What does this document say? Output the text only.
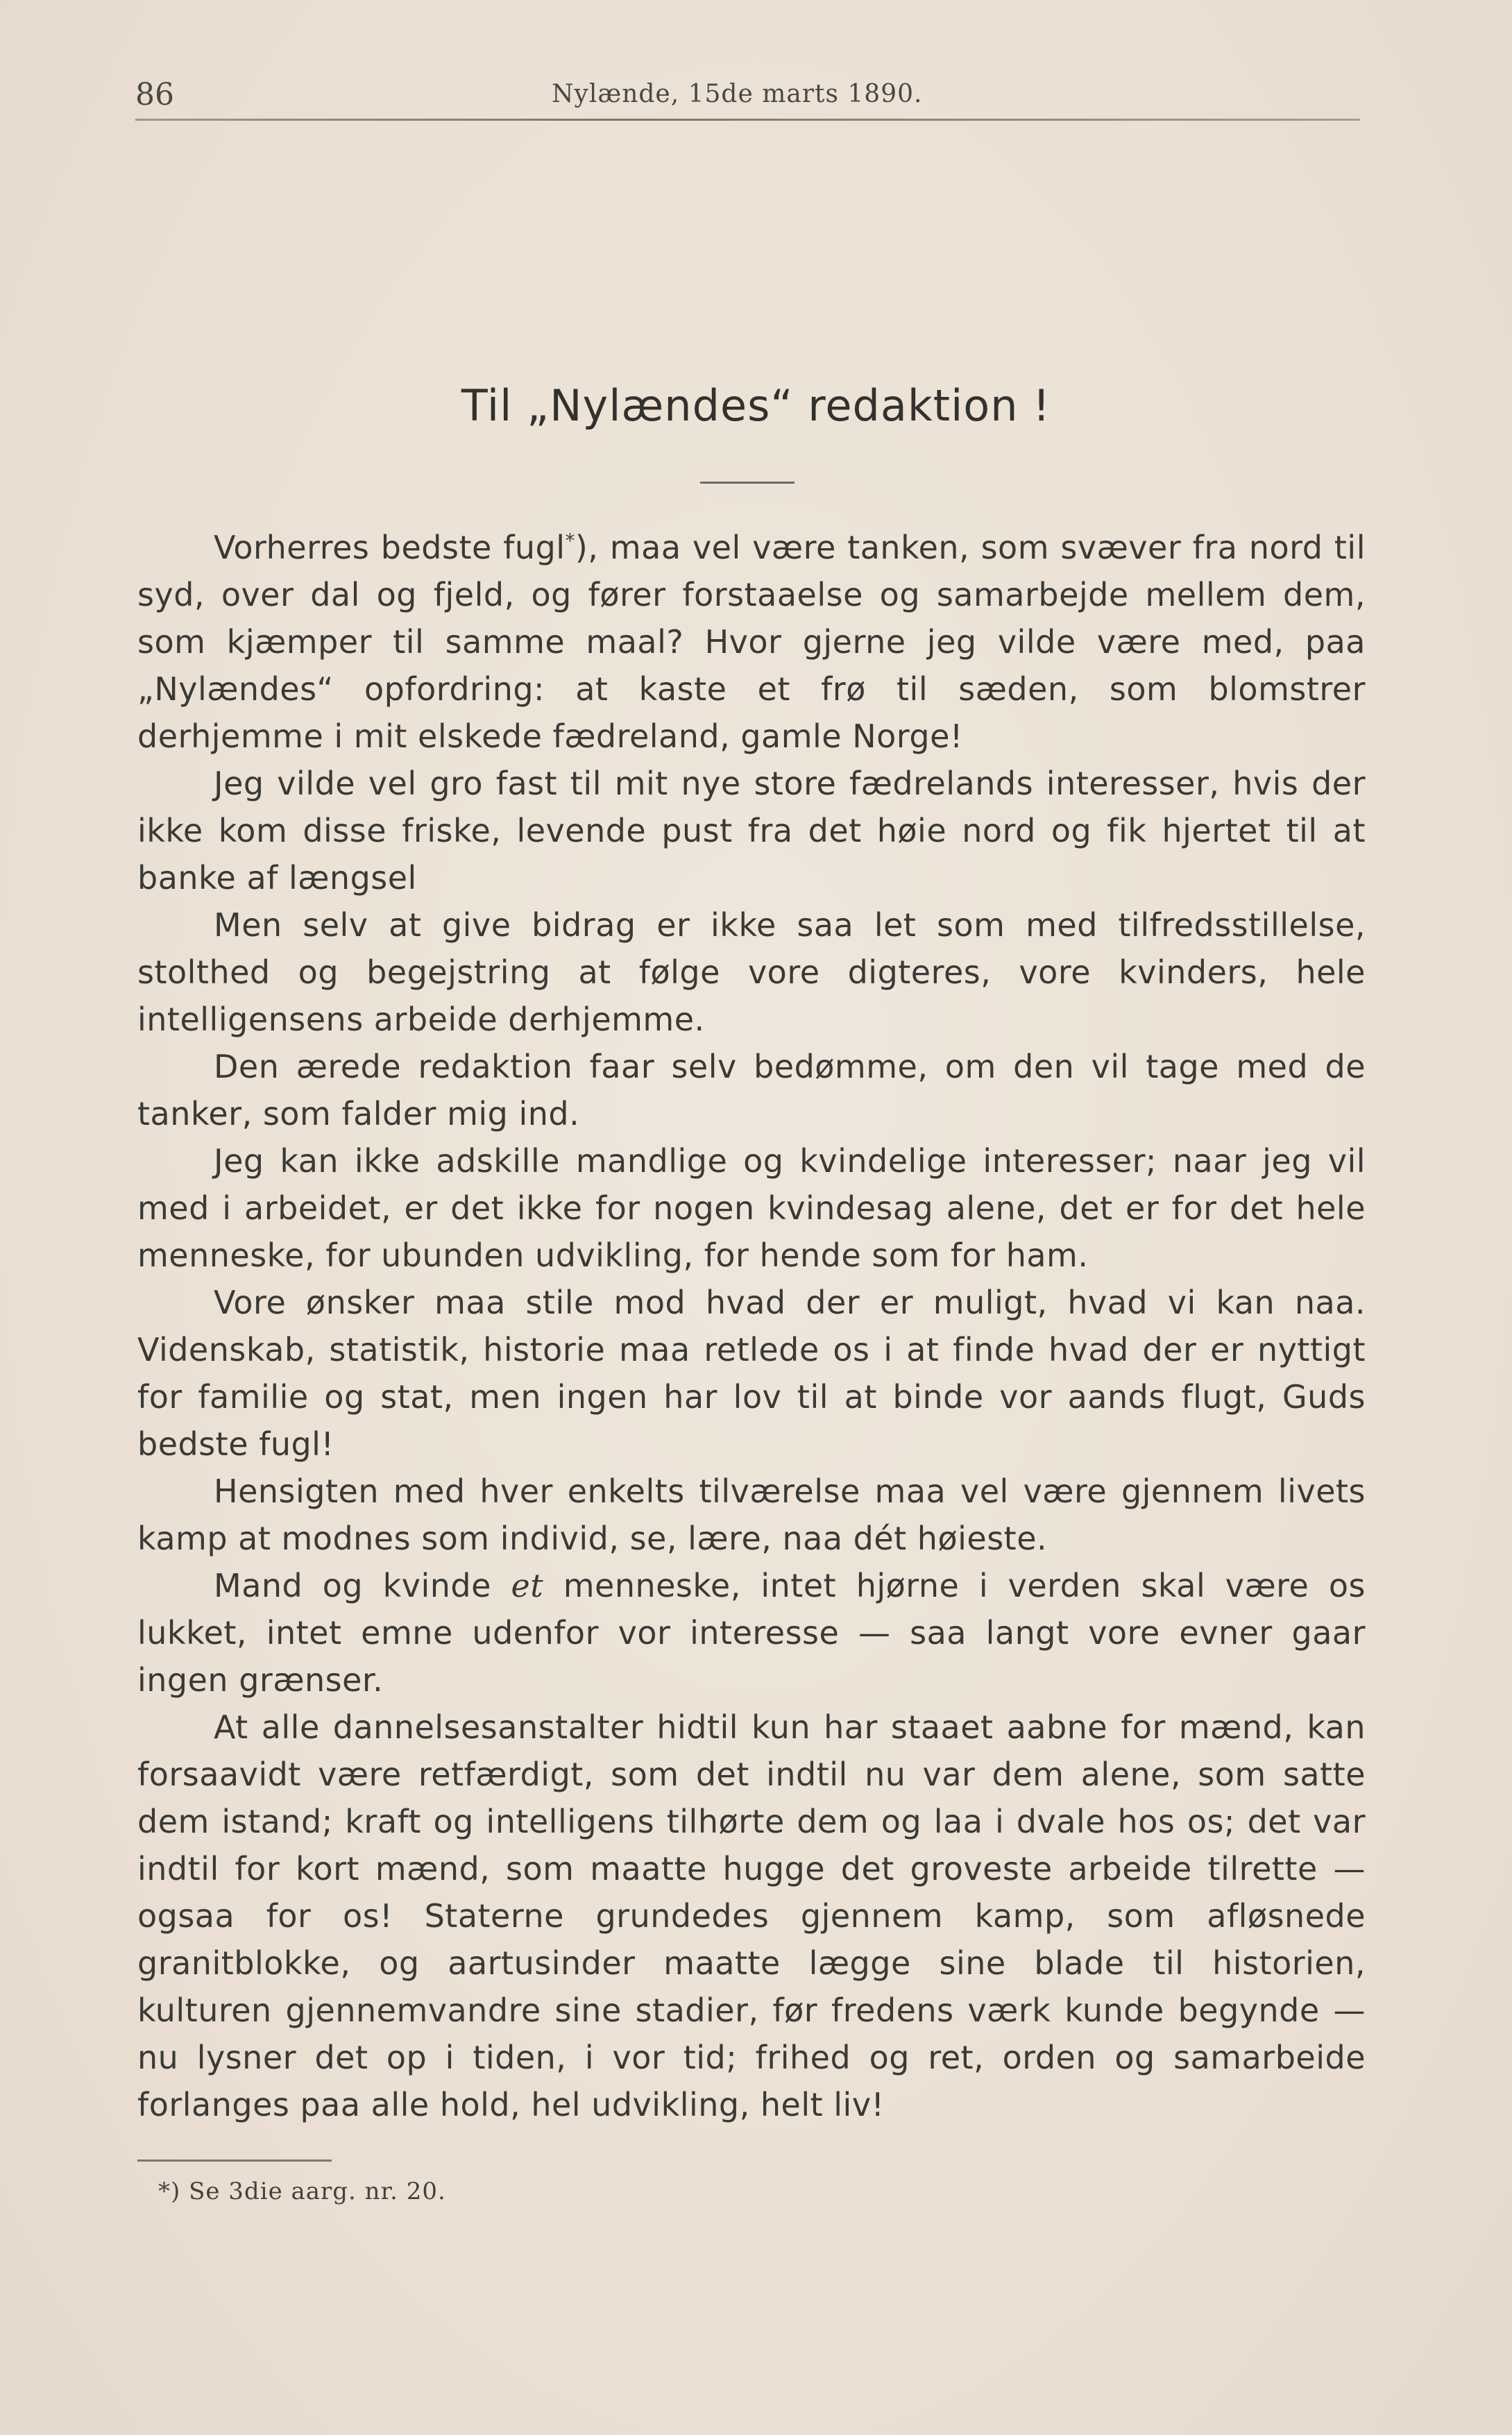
86	Nylænde, 15de marts 1890.
Til „Nylændes“ redaktion !

Vorherres bedste fugl*), maa vel være tanken, som svæver fra nord til syd, over dal og fjeld, og fører forstaaelse og samarbejde mellem dem, som kjæmper til samme maal? Hvor gjerne jeg vilde være med, paa „Nylændes“ opfordring: at kaste et frø til sæden, som blomstrer derhjemme i mit elskede fædreland, gamle Norge!

Jeg vilde vel gro fast til mit nye store fædrelands interesser, hvis der ikke kom disse friske, levende pust fra det høie nord og fik hjertet til at banke af længsel

Men selv at give bidrag er ikke saa let som med tilfredsstillelse, stolthed og begejstring at følge vore digteres, vore kvinders, hele intelligensens arbeide derhjemme.

Den ærede redaktion faar selv bedømme, om den vil tage med de tanker, som falder mig ind.

Jeg kan ikke adskille mandlige og kvindelige interesser; naar jeg vil med i arbeidet, er det ikke for nogen kvindesag alene, det er for det hele menneske, for ubunden udvikling, for hende som for ham.

Vore ønsker maa stile mod hvad der er muligt, hvad vi kan naa. Videnskab, statistik, historie maa retlede os i at finde hvad der er nyttigt for familie og stat, men ingen har lov til at binde vor aands flugt, Guds bedste fugl!

Hensigten med hver enkelts tilværelse maa vel være gjennem livets kamp at modnes som individ, se, lære, naa dét høieste.

Mand og kvinde et menneske, intet hjørne i verden skal være os lukket, intet emne udenfor vor interesse — saa langt vore evner gaar ingen grænser.

At alle dannelsesanstalter hidtil kun har staaet aabne for mænd, kan forsaavidt være retfærdigt, som det indtil nu var dem alene, som satte dem istand; kraft og intelligens tilhørte dem og laa i dvale hos os; det var indtil for kort mænd, som maatte hugge det groveste arbeide tilrette — ogsaa for os! Staterne grundedes gjennem kamp, som afløsnede granitblokke, og aartusinder maatte lægge sine blade til historien, kulturen gjennemvandre sine stadier, før fredens værk kunde begynde — nu lysner det op i tiden, i vor tid; frihed og ret, orden og samarbeide forlanges paa alle hold, hel udvikling, helt liv!

*) Se 3die aarg. nr. 20.
